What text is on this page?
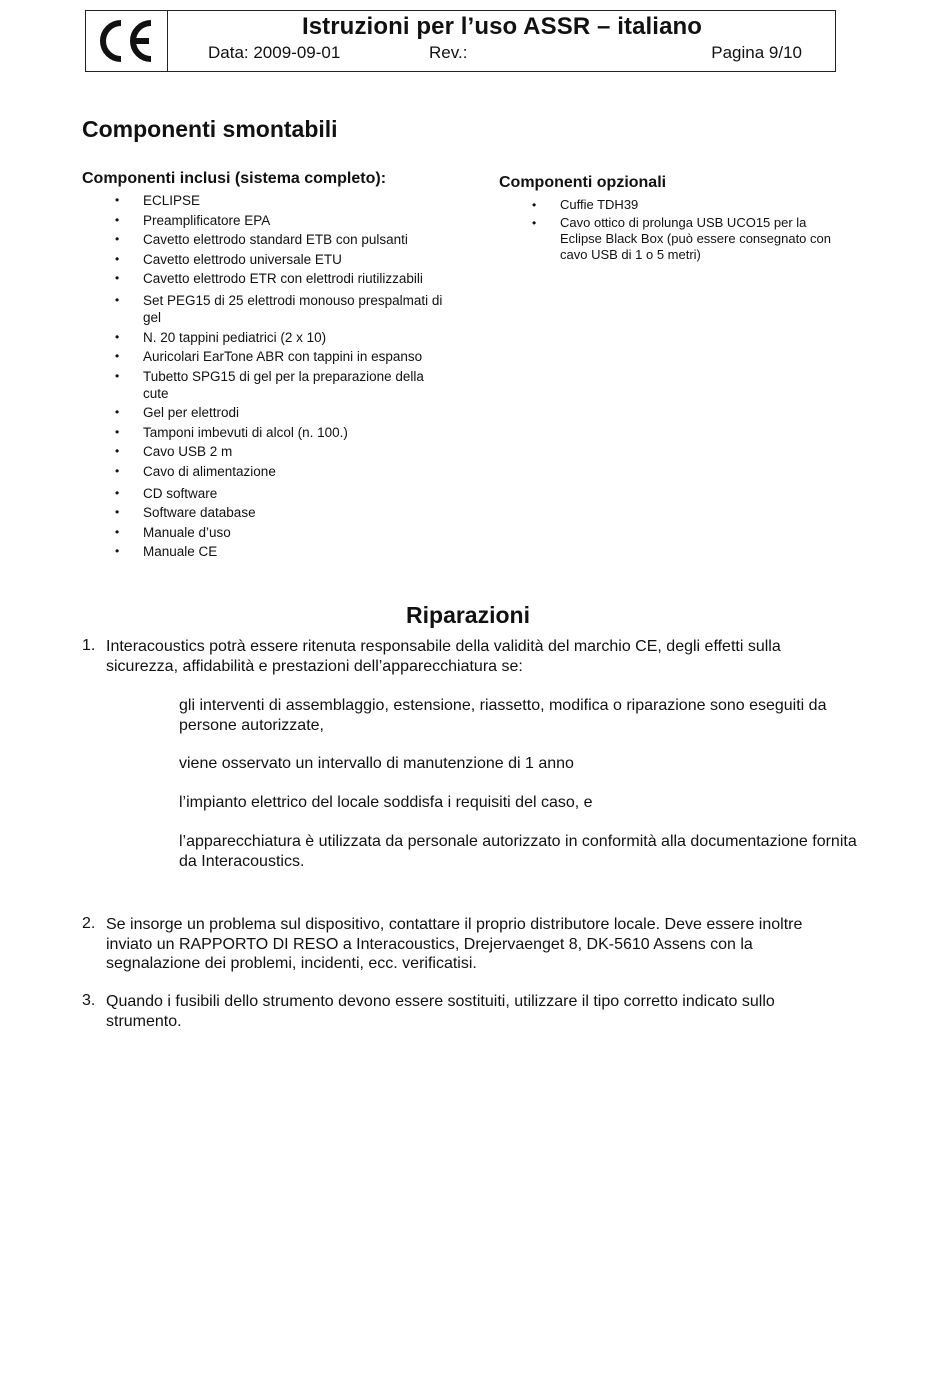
Istruzioni per l’uso ASSR – italiano
Data: 2009-09-01	Rev.:	Pagina 9/10
Componenti smontabili
Componenti inclusi (sistema completo):
• ECLIPSE
• Preamplificatore EPA
• Cavetto elettrodo standard ETB con pulsanti
• Cavetto elettrodo universale ETU
• Cavetto elettrodo ETR con elettrodi riutilizzabili
• Set PEG15 di 25 elettrodi monouso prespalmati di gel
• N. 20 tappini pediatrici (2 x 10)
• Auricolari EarTone ABR con tappini in espanso
• Tubetto SPG15 di gel per la preparazione della cute
• Gel per elettrodi
• Tamponi imbevuti di alcol (n. 100.)
• Cavo USB 2 m
• Cavo di alimentazione
• CD software
• Software database
• Manuale d’uso
• Manuale CE
Componenti opzionali
• Cuffie TDH39
• Cavo ottico di prolunga USB UCO15 per la Eclipse Black Box (può essere consegnato con cavo USB di 1 o 5 metri)
Riparazioni
1. Interacoustics potrà essere ritenuta responsabile della validità del marchio CE, degli effetti sulla sicurezza, affidabilità e prestazioni dell’apparecchiatura se:
gli interventi di assemblaggio, estensione, riassetto, modifica o riparazione sono eseguiti da persone autorizzate,
viene osservato un intervallo di manutenzione di 1 anno
l’impianto elettrico del locale soddisfa i requisiti del caso, e
l’apparecchiatura è utilizzata da personale autorizzato in conformità alla documentazione fornita da Interacoustics.
2. Se insorge un problema sul dispositivo, contattare il proprio distributore locale. Deve essere inoltre inviato un RAPPORTO DI RESO a Interacoustics, Drejervaenget 8, DK-5610 Assens con la segnalazione dei problemi, incidenti, ecc. verificatisi.
3. Quando i fusibili dello strumento devono essere sostituiti, utilizzare il tipo corretto indicato sullo strumento.
